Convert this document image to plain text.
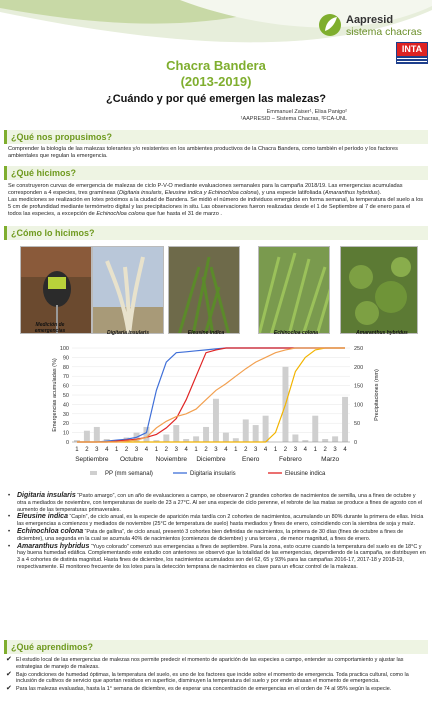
Aapresid
sistema chacras
INTA
Chacra Bandera
(2013-2019)
¿Cuándo y por qué emergen las malezas?
Emmanuel Zaiser¹, Elisa Panigo²
¹AAPRESID – Sistema Chacras, ²FCA-UNL
¿Qué nos propusimos?
Comprender la biología de las malezas tolerantes y/o resistentes en los ambientes productivos de la Chacra Bandera, como también el período y los factores ambientales que regulan la emergencia.
¿Qué hicimos?
Se construyeron curvas de emergencia de malezas de ciclo P-V-O mediante evaluaciones semanales para la campaña 2018/19. Las emergencias acumuladas corresponden a 4 especies, tres gramíneas (Digitaria insularis, Eleusine indica y Echinochloa colona), y una especie latifoliada (Amaranthus hybridus).
Las mediciones se realización en lotes próximos a la ciudad de Bandera. Se midió el número de individuos emergidos en forma semanal, la temperatura del suelo a los 5 cm de profundidad mediante termómetro digital y las precipitaciones in situ. Las observaciones fueron realizadas desde el 1 de Septiembre al 7 de enero para el todos las especies, a excepción de Echinochloa colona que fue hasta el 31 de marzo .
¿Cómo lo hicimos?
Medición de emergencias	Digitaria insularis	Eleusine indica	Echinocloa colona	Amaranthus hybridus
0
10
20
30
40
50
60
70
80
90
100
0
50
100
150
200
250
1 2 3 4 1 2 3 4 1 2 3 4 1 2 3 4 1 2 3 4 1 2 3 4 1 2 3 4
Septiembre Octubre Noviembre Diciembre	Enero	Febrero	Marzo
Emergencias acumuladas (%)	Precipitaciones (mm)
PP (mm semanal)	Digitaria insularis	Eleusine indica
• Digitaria insularis “Pasto amargo”, con un año de evaluaciones a campo, se observaron 2 grandes cohortes de nacimientos de semilla, una a fines de octubre y otra a mediados de noviembre, con temperaturas de suelo de 23 a 27°C. Al ser una especie de ciclo perenne, el rebrote de las matas se produce a fines de agosto con el aumento de las temperaturas primaverales.
• Eleusine indica “Capín”, de ciclo anual, es la especie de aparición más tardía con 2 cohortes de nacimientos, acumulando un 80% durante la primera de ellas. Inicia las emergencias a comienzos y mediados de noviembre (25°C de temperatura de suelo) hasta mediados y fines de enero, coincidiendo con la siembra de soja y maíz.
• Echinochloa colona “Pata de gallina”, de ciclo anual, presentó 3 cohortes bien definidas de nacimientos, la primera de 30 días (fines de octubre a fines de diciembre), una segunda en la cual se acumula 40% de nacimientos (comienzos de diciembre) y una tercera , de menor magnitud, a fines de enero.
• Amaranthus hybridus “Yuyo colorado” comenzó sus emergencias a fines de septiembre. Para la zona, esto ocurre cuando la temperatura del suelo es de 18°C y hay buena humedad edáfica. Complementando este estudio con anteriores se observó que la totalidad de las emergencias, dependiendo de la campaña, se distribuyen en 3 a 4 cohortes de distinta magnitud. Hasta fines de diciembre, los nacimientos acumulados son del 62, 65 y 93% para las campañas 2016-17, 2017-18 y 2018-19, respectivamente. El monitoreo frecuente de los lotes para la detección temprana de nacimientos es clave para un eficaz control de la malezas.
¿Qué aprendimos?
✔ El estudio local de las emergencias de malezas nos permite predecir el momento de aparición de las especies a campo, entender su comportamiento y ajustar las estrategias de manejo de malezas.
✔ Bajo condiciones de humedad óptimas, la temperatura del suelo, es uno de los factores que incide sobre el momento de emergencia. Toda practica cultural, como la inclusión de cultivos de servicio que aportan residuos en superficie, disminuyen la temperatura del suelo y por ende atrasan el momento de emergencia.
✔ Para las malezas evaluadas, hasta la 1° semana de diciembre, es de esperar una concentración de emergencias en el orden de 74 al 95% según la especie.
